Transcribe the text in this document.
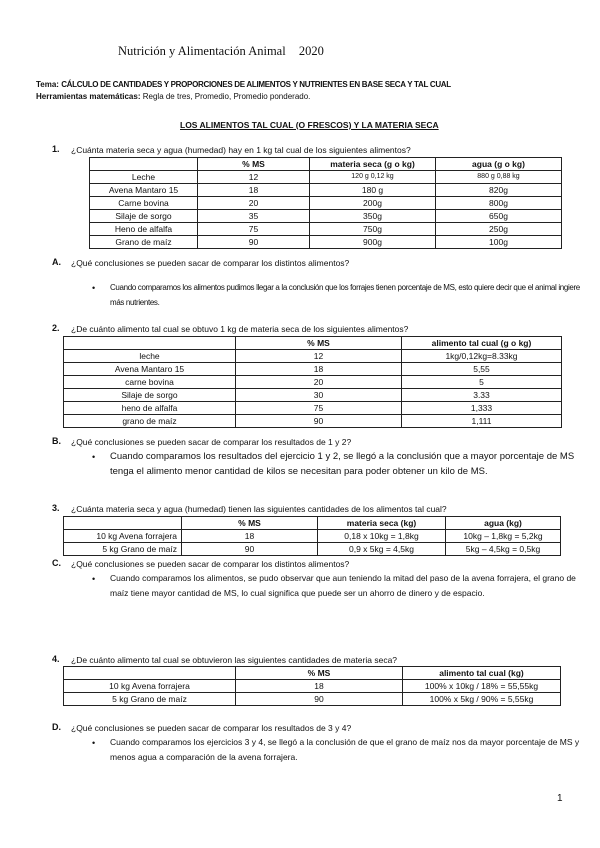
Nutrición y Alimentación Animal 2020
Tema: CÁLCULO DE CANTIDADES Y PROPORCIONES DE ALIMENTOS Y NUTRIENTES EN BASE SECA Y TAL CUAL
Herramientas matemáticas: Regla de tres, Promedio, Promedio ponderado.
LOS ALIMENTOS TAL CUAL (O FRESCOS) Y LA MATERIA SECA
1. ¿Cuánta materia seca y agua (humedad) hay en 1 kg tal cual de los siguientes alimentos?
	% MS	materia seca (g o kg)	agua (g o kg)
Leche	12	120 g 0,12 kg	880 g 0,88 kg
Avena Mantaro 15	18	180 g	820g
Carne bovina	20	200g	800g
Silaje de sorgo	35	350g	650g
Heno de alfalfa	75	750g	250g
Grano de maíz	90	900g	100g
A. ¿Qué conclusiones se pueden sacar de comparar los distintos alimentos?
• Cuando comparamos los alimentos pudimos llegar a la conclusión que los forrajes tienen porcentaje de MS, esto quiere decir que el animal ingiere más nutrientes.
2. ¿De cuánto alimento tal cual se obtuvo 1 kg de materia seca de los siguientes alimentos?
	% MS	alimento tal cual (g o kg)
leche	12	1kg/0,12kg=8.33kg
Avena Mantaro 15	18	5,55
carne bovina	20	5
Silaje de sorgo	30	3.33
heno de alfalfa	75	1,333
grano de maíz	90	1,111
B. ¿Qué conclusiones se pueden sacar de comparar los resultados de 1 y 2?
• Cuando comparamos los resultados del ejercicio 1 y 2, se llegó a la conclusión que a mayor porcentaje de MS tenga el alimento menor cantidad de kilos se necesitan para poder obtener un kilo de MS.
3. ¿Cuánta materia seca y agua (humedad) tienen las siguientes cantidades de los alimentos tal cual?
	% MS	materia seca (kg)	agua (kg)
10 kg Avena forrajera	18	0,18 x 10kg = 1,8kg	10kg – 1,8kg = 5,2kg
5 kg Grano de maíz	90	0,9 x 5kg = 4,5kg	5kg – 4,5kg = 0,5kg
C. ¿Qué conclusiones se pueden sacar de comparar los distintos alimentos?
• Cuando comparamos los alimentos, se pudo observar que aun teniendo la mitad del paso de la avena forrajera, el grano de maíz tiene mayor cantidad de MS, lo cual significa que puede ser un ahorro de dinero y de espacio.
4. ¿De cuánto alimento tal cual se obtuvieron las siguientes cantidades de materia seca?
	% MS	alimento tal cual (kg)
10 kg Avena forrajera	18	100% x 10kg / 18% = 55,55kg
5 kg Grano de maíz	90	100% x 5kg / 90% = 5,55kg
D. ¿Qué conclusiones se pueden sacar de comparar los resultados de 3 y 4?
• Cuando comparamos los ejercicios 3 y 4, se llegó a la conclusión de que el grano de maíz nos da mayor porcentaje de MS y menos agua a comparación de la avena forrajera.
1
